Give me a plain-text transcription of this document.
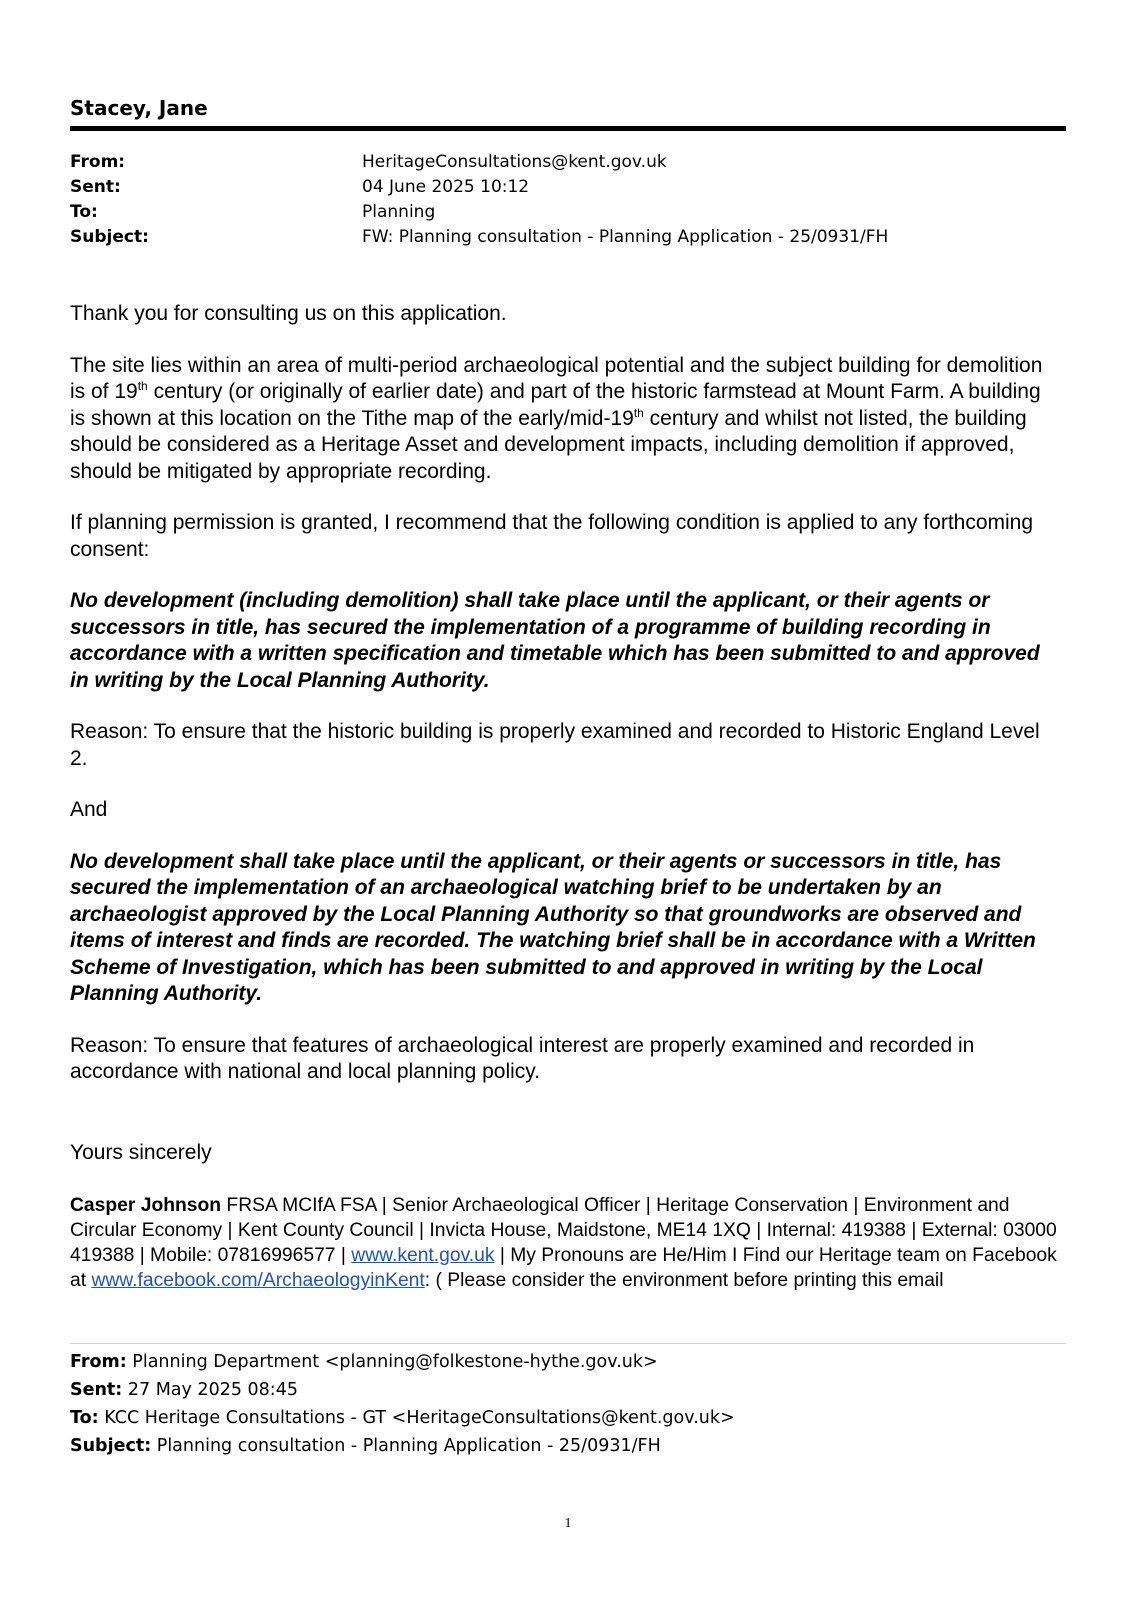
Stacey, Jane
From:	HeritageConsultations@kent.gov.uk
Sent:	04 June 2025 10:12
To:	Planning
Subject:	FW: Planning consultation - Planning Application - 25/0931/FH

Thank you for consulting us on this application.

The site lies within an area of multi-period archaeological potential and the subject building for demolition is of 19th century (or originally of earlier date) and part of the historic farmstead at Mount Farm. A building is shown at this location on the Tithe map of the early/mid-19th century and whilst not listed, the building should be considered as a Heritage Asset and development impacts, including demolition if approved, should be mitigated by appropriate recording.

If planning permission is granted, I recommend that the following condition is applied to any forthcoming consent:

No development (including demolition) shall take place until the applicant, or their agents or successors in title, has secured the implementation of a programme of building recording in accordance with a written specification and timetable which has been submitted to and approved in writing by the Local Planning Authority.

Reason: To ensure that the historic building is properly examined and recorded to Historic England Level 2.

And

No development shall take place until the applicant, or their agents or successors in title, has secured the implementation of an archaeological watching brief to be undertaken by an archaeologist approved by the Local Planning Authority so that groundworks are observed and items of interest and finds are recorded. The watching brief shall be in accordance with a Written Scheme of Investigation, which has been submitted to and approved in writing by the Local Planning Authority.

Reason: To ensure that features of archaeological interest are properly examined and recorded in accordance with national and local planning policy.

Yours sincerely
Casper Johnson FRSA MCIfA FSA | Senior Archaeological Officer | Heritage Conservation | Environment and Circular Economy | Kent County Council | Invicta House, Maidstone, ME14 1XQ | Internal: 419388 | External: 03000 419388 | Mobile: 07816996577 | www.kent.gov.uk | My Pronouns are He/Him I Find our Heritage team on Facebook at www.facebook.com/ArchaeologyinKent: ( Please consider the environment before printing this email
From: Planning Department <planning@folkestone-hythe.gov.uk>
Sent: 27 May 2025 08:45
To: KCC Heritage Consultations - GT <HeritageConsultations@kent.gov.uk>
Subject: Planning consultation - Planning Application - 25/0931/FH
1
